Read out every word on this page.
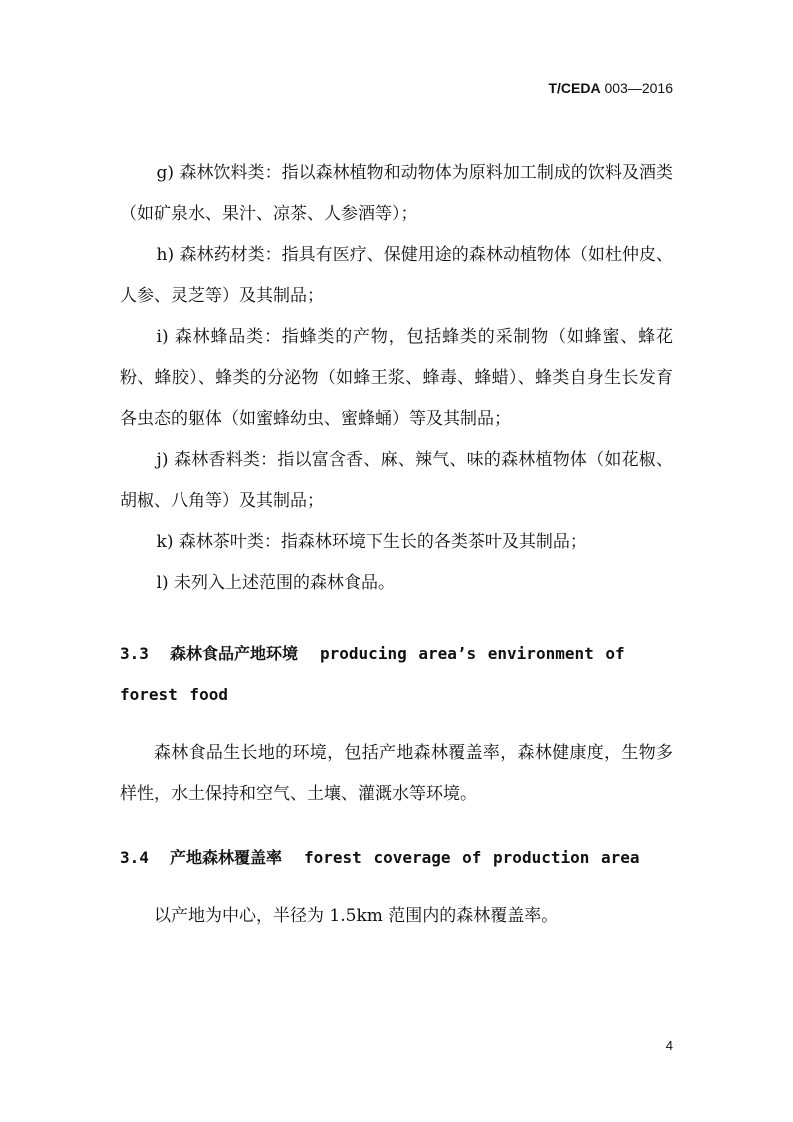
T/CEDA 003—2016

g) 森林饮料类：指以森林植物和动物体为原料加工制成的饮料及酒类（如矿泉水、果汁、凉茶、人参酒等）；

h) 森林药材类：指具有医疗、保健用途的森林动植物体（如杜仲皮、人参、灵芝等）及其制品；

i) 森林蜂品类：指蜂类的产物，包括蜂类的采制物（如蜂蜜、蜂花粉、蜂胶）、蜂类的分泌物（如蜂王浆、蜂毒、蜂蜡）、蜂类自身生长发育各虫态的躯体（如蜜蜂幼虫、蜜蜂蛹）等及其制品；

j) 森林香料类：指以富含香、麻、辣气、味的森林植物体（如花椒、胡椒、八角等）及其制品；

k) 森林茶叶类：指森林环境下生长的各类茶叶及其制品；

l) 未列入上述范围的森林食品。

3.3 森林食品产地环境 producing area’s environment of forest food

森林食品生长地的环境，包括产地森林覆盖率，森林健康度，生物多样性，水土保持和空气、土壤、灌溉水等环境。

3.4 产地森林覆盖率 forest coverage of production area

以产地为中心，半径为 1.5km 范围内的森林覆盖率。

4
